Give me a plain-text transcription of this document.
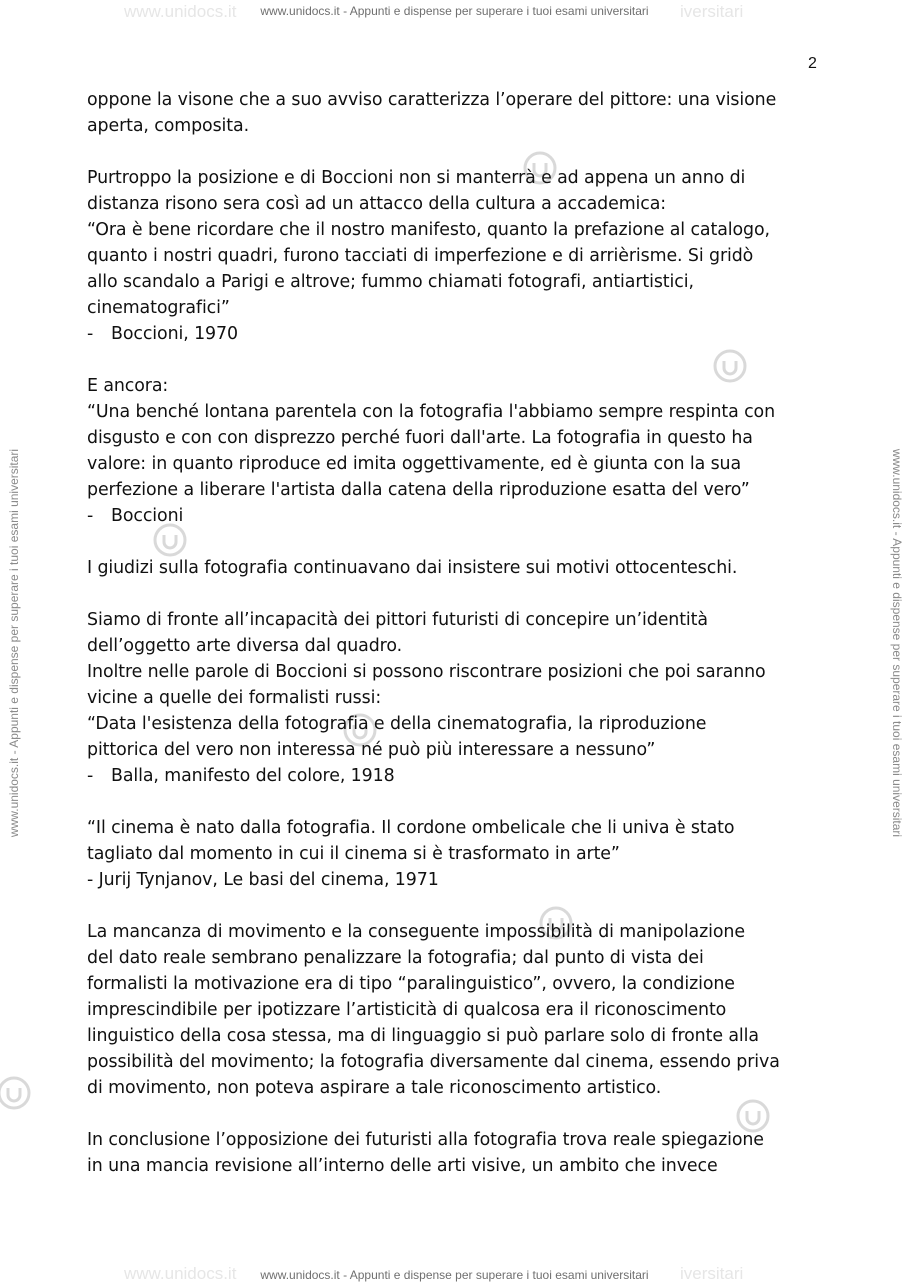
www.unidocs.it	iversitari
www.unidocs.it	iversitari
www.unidocs.it - Appunti e dispense per superare i tuoi esami universitari
www.unidocs.it - Appunti e dispense per superare i tuoi esami universitari
www.unidocs.it - Appunti e dispense per superare i tuoi esami universitari	www.unidocs.it - Appunti e dispense per superare i tuoi esami universitari
2

oppone la visone che a suo avviso caratterizza l’operare del pittore: una visione

aperta, composita.

Purtroppo la posizione e di Boccioni non si manterrà e ad appena un anno di

distanza risono sera così ad un attacco della cultura a accademica:

“Ora è bene ricordare che il nostro manifesto, quanto la prefazione al catalogo,

quanto i nostri quadri, furono tacciati di imperfezione e di arrièrisme. Si gridò

allo scandalo a Parigi e altrove; fummo chiamati fotografi, antiartistici,

cinematografici”

- Boccioni, 1970

E ancora:

“Una benché lontana parentela con la fotografia l'abbiamo sempre respinta con

disgusto e con con disprezzo perché fuori dall'arte. La fotografia in questo ha

valore: in quanto riproduce ed imita oggettivamente, ed è giunta con la sua

perfezione a liberare l'artista dalla catena della riproduzione esatta del vero”

- Boccioni

I giudizi sulla fotografia continuavano dai insistere sui motivi ottocenteschi.

Siamo di fronte all’incapacità dei pittori futuristi di concepire un’identità

dell’oggetto arte diversa dal quadro.

Inoltre nelle parole di Boccioni si possono riscontrare posizioni che poi saranno

vicine a quelle dei formalisti russi:

“Data l'esistenza della fotografia e della cinematografia, la riproduzione

pittorica del vero non interessa né può più interessare a nessuno”

- Balla, manifesto del colore, 1918

“Il cinema è nato dalla fotografia. Il cordone ombelicale che li univa è stato

tagliato dal momento in cui il cinema si è trasformato in arte”

- Jurij Tynjanov, Le basi del cinema, 1971

La mancanza di movimento e la conseguente impossibilità di manipolazione

del dato reale sembrano penalizzare la fotografia; dal punto di vista dei

formalisti la motivazione era di tipo “paralinguistico”, ovvero, la condizione

imprescindibile per ipotizzare l’artisticità di qualcosa era il riconoscimento

linguistico della cosa stessa, ma di linguaggio si può parlare solo di fronte alla

possibilità del movimento; la fotografia diversamente dal cinema, essendo priva

di movimento, non poteva aspirare a tale riconoscimento artistico.

In conclusione l’opposizione dei futuristi alla fotografia trova reale spiegazione

in una mancia revisione all’interno delle arti visive, un ambito che invece
